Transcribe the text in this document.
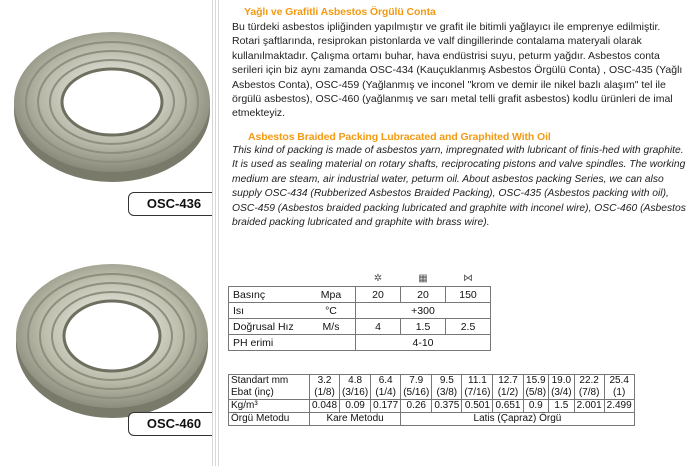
OSC-436
OSC-460
Yağlı ve Grafitli Asbestos Örgülü Conta
Bu türdeki asbestos ipliğinden yapılmıştır ve grafit ile bitimli yağlayıcı ile emprenye edilmiştir. Rotari şaftlarında, resiprokan pistonlarda ve valf dingillerinde contalama materyali olarak kullanılmaktadır. Çalışma ortamı buhar, hava endüstrisi suyu, peturm yağdır. Asbestos conta serileri için biz aynı zamanda OSC-434 (Kauçuklanmış Asbestos Örgülü Conta) , OSC-435 (Yağlı Asbestos Conta), OSC-459 (Yağlanmış ve inconel "krom ve demir ile nikel bazlı alaşım" tel ile örgülü asbestos), OSC-460 (yağlanmış ve sarı metal telli grafit asbestos) kodlu ürünleri de imal etmekteyiz.
Asbestos Braided Packing Lubracated and Graphited With Oil
This kind of packing is made of asbestos yarn, impregnated with lubricant of finis-hed with graphite. It is used as sealing material on rotary shafts, reciprocating pistons and valve spindles. The working medium are steam, air industrial water, peturm oil. About asbestos packing Series, we can also supply OSC-434 (Rubberized Asbestos Braided Packing), OSC-435 (Asbestos packing with oil), OSC-459 (Asbestos braided packing lubricated and graphite with inconel wire), OSC-460 (Asbestos braided packing lubricated and graphite with brass wire).
		✲	▦	⋈
Basınç	Mpa	20	20	150
Isı	°C	+300		
Doğrusal Hız	M/s	4	1.5	2.5
PH erimi		4-10		
Standart mm	3.2	4.8	6.4	7.9	9.5	11.1	12.7	15.9	19.0	22.2	25.4
Ebat (inç)	(1/8)	(3/16)	(1/4)	(5/16)	(3/8)	(7/16)	(1/2)	(5/8)	(3/4)	(7/8)	(1)
Kg/m³	0.048	0.09	0.177	0.26	0.375	0.501	0.651	0.9	1.5	2.001	2.499
Örgü Metodu	Kare Metodu			Latis (Çapraz) Örgü							
